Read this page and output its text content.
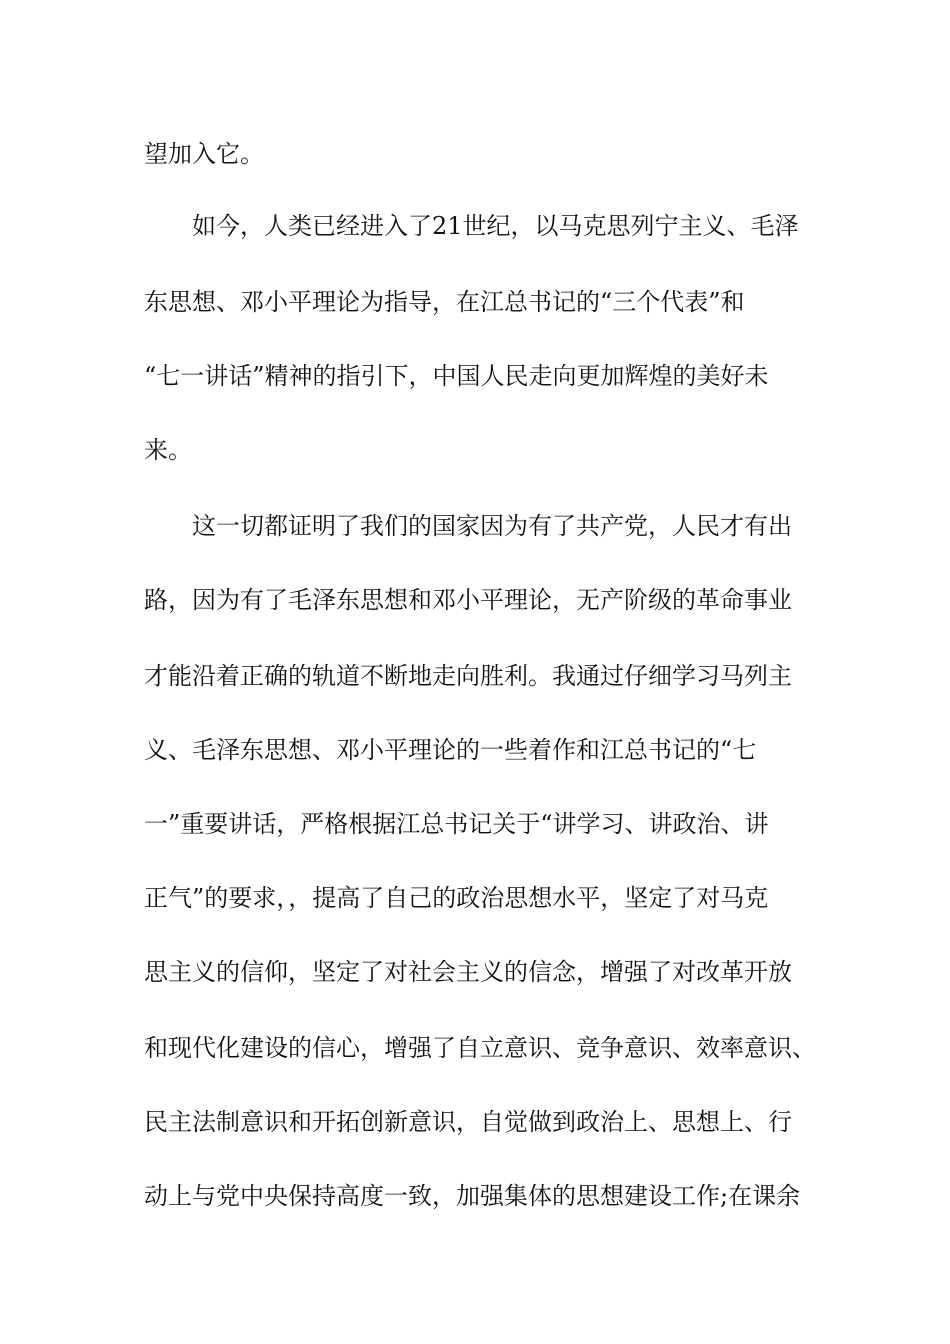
望加入它。
　　如今，人类已经进入了21世纪，以马克思列宁主义、毛泽
东思想、邓小平理论为指导，在江总书记的“三个代表”和
“七一讲话”精神的指引下，中国人民走向更加辉煌的美好未
来。
　　这一切都证明了我们的国家因为有了共产党，人民才有出
路，因为有了毛泽东思想和邓小平理论，无产阶级的革命事业
才能沿着正确的轨道不断地走向胜利。我通过仔细学习马列主
义、毛泽东思想、邓小平理论的一些着作和江总书记的“七
一”重要讲话，严格根据江总书记关于“讲学习、讲政治、讲
正气”的要求，，提高了自己的政治思想水平，坚定了对马克
思主义的信仰，坚定了对社会主义的信念，增强了对改革开放
和现代化建设的信心，增强了自立意识、竞争意识、效率意识、
民主法制意识和开拓创新意识，自觉做到政治上、思想上、行
动上与党中央保持高度一致，加强集体的思想建设工作;在课余
